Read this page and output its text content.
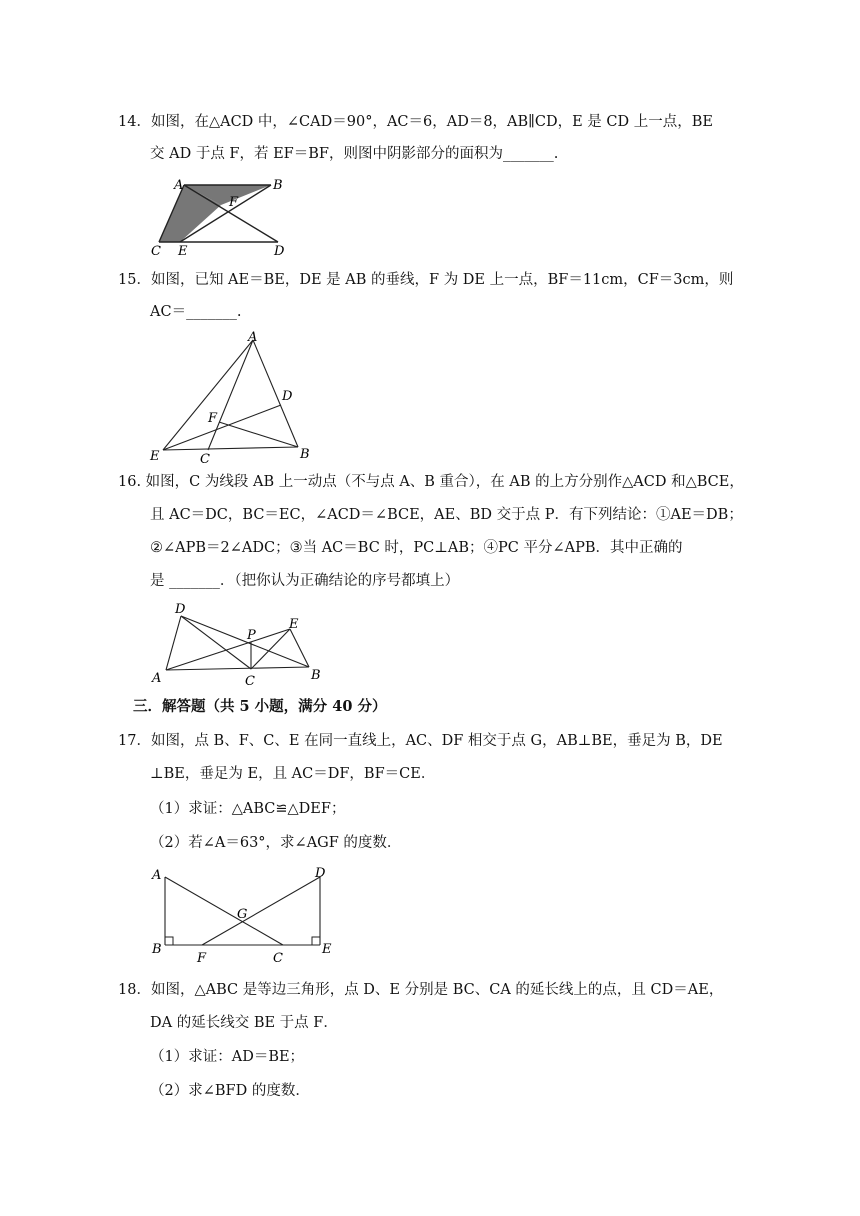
14．如图，在△ACD 中，∠CAD＝90°，AC＝6，AD＝8，AB∥CD，E 是 CD 上一点，BE
交 AD 于点 F，若 EF＝BF，则图中阴影部分的面积为_______.
A	B
F
C E	D
15．如图，已知 AE＝BE，DE 是 AB 的垂线，F 为 DE 上一点，BF＝11cm，CF＝3cm，则
AC＝_______.
A
D
F
B
E	C
16. 如图，C 为线段 AB 上一动点（不与点 A、B 重合），在 AB 的上方分别作△ACD 和△BCE，
且 AC＝DC，BC＝EC，∠ACD＝∠BCE，AE、BD 交于点 P．有下列结论：①AE＝DB；
②∠APB＝2∠ADC；③当 AC＝BC 时，PC⊥AB；④PC 平分∠APB．其中正确的
是 _______．（把你认为正确结论的序号都填上）
D
P
E
A	C	B
三．解答题（共 5 小题，满分 40 分）
17．如图，点 B、F、C、E 在同一直线上，AC、DF 相交于点 G，AB⊥BE，垂足为 B，DE
⊥BE，垂足为 E，且 AC＝DF，BF＝CE．
（1）求证：△ABC≌△DEF；
（2）若∠A＝63°，求∠AGF 的度数．
A	D
G
B
F	C
E
18．如图，△ABC 是等边三角形，点 D、E 分别是 BC、CA 的延长线上的点，且 CD＝AE，
DA 的延长线交 BE 于点 F．
（1）求证：AD＝BE；
（2）求∠BFD 的度数．
